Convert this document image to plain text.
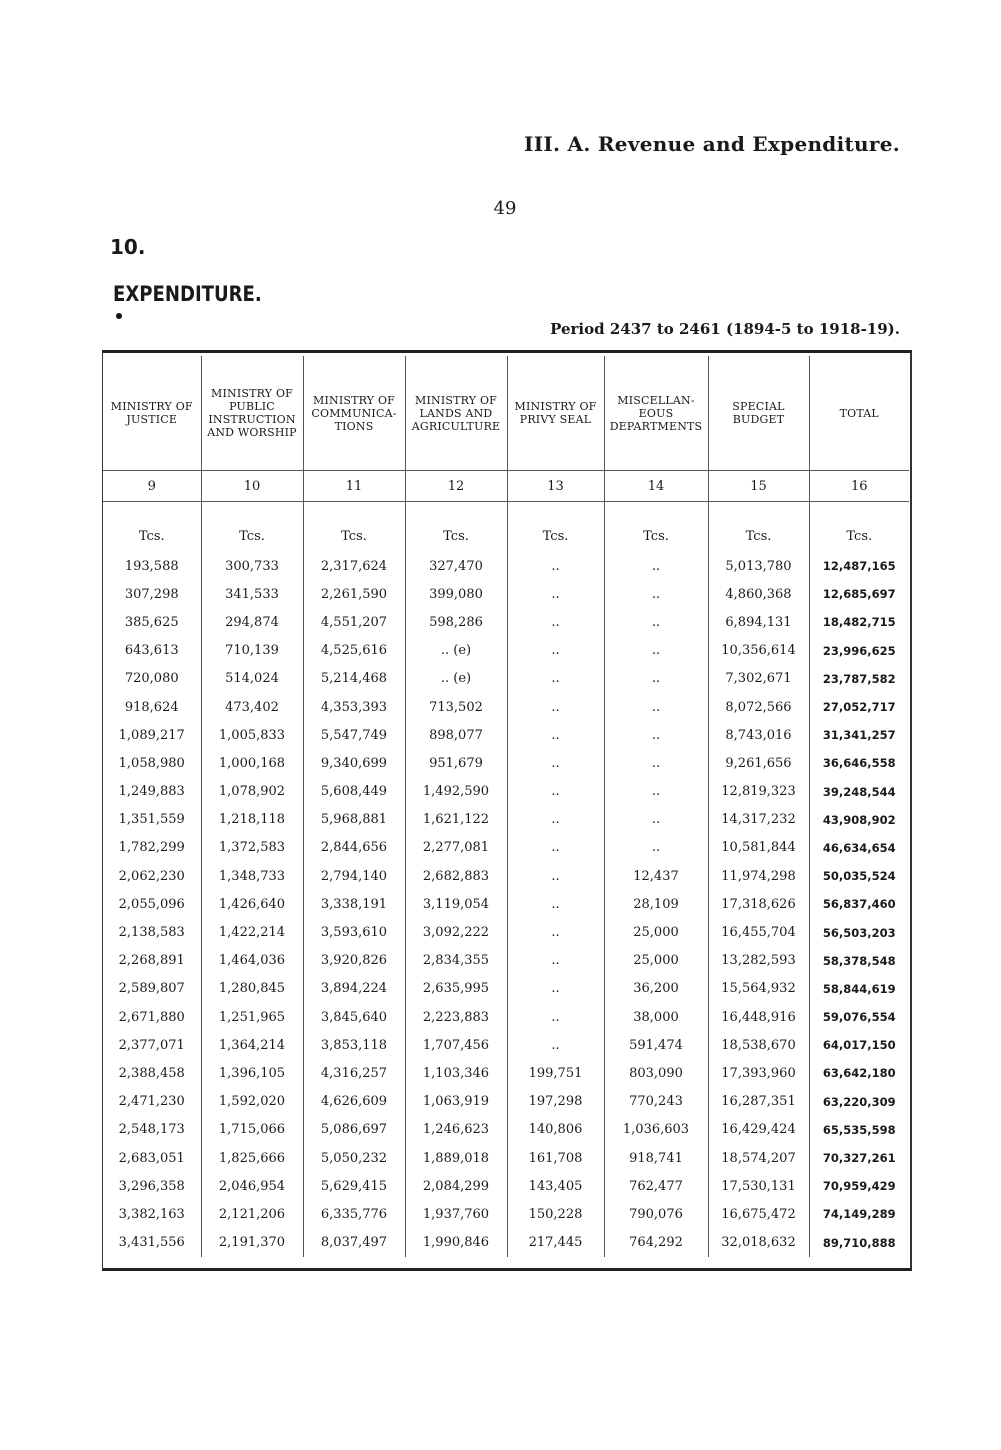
III. A. Revenue and Expenditure.
49
10.
EXPENDITURE.
Period 2437 to 2461 (1894-5 to 1918-19).
MINISTRY OF JUSTICE	MINISTRY OF PUBLIC INSTRUCTION AND WORSHIP	MINISTRY OF COMMUNICA-TIONS	MINISTRY OF LANDS AND AGRICULTURE	MINISTRY OF PRIVY SEAL	MISCELLAN-EOUS DEPARTMENTS	SPECIAL BUDGET	TOTAL
9	10	11	12	13	14	15	16
Tcs.	Tcs.	Tcs.	Tcs.	Tcs.	Tcs.	Tcs.	Tcs.
193,588	300,733	2,317,624	327,470	..	..	5,013,780	12,487,165
307,298	341,533	2,261,590	399,080	..	..	4,860,368	12,685,697
385,625	294,874	4,551,207	598,286	..	..	6,894,131	18,482,715
643,613	710,139	4,525,616	.. (e)	..	..	10,356,614	23,996,625
720,080	514,024	5,214,468	.. (e)	..	..	7,302,671	23,787,582
918,624	473,402	4,353,393	713,502	..	..	8,072,566	27,052,717
1,089,217	1,005,833	5,547,749	898,077	..	..	8,743,016	31,341,257
1,058,980	1,000,168	9,340,699	951,679	..	..	9,261,656	36,646,558
1,249,883	1,078,902	5,608,449	1,492,590	..	..	12,819,323	39,248,544
1,351,559	1,218,118	5,968,881	1,621,122	..	..	14,317,232	43,908,902
1,782,299	1,372,583	2,844,656	2,277,081	..	..	10,581,844	46,634,654
2,062,230	1,348,733	2,794,140	2,682,883	..	12,437	11,974,298	50,035,524
2,055,096	1,426,640	3,338,191	3,119,054	..	28,109	17,318,626	56,837,460
2,138,583	1,422,214	3,593,610	3,092,222	..	25,000	16,455,704	56,503,203
2,268,891	1,464,036	3,920,826	2,834,355	..	25,000	13,282,593	58,378,548
2,589,807	1,280,845	3,894,224	2,635,995	..	36,200	15,564,932	58,844,619
2,671,880	1,251,965	3,845,640	2,223,883	..	38,000	16,448,916	59,076,554
2,377,071	1,364,214	3,853,118	1,707,456	..	591,474	18,538,670	64,017,150
2,388,458	1,396,105	4,316,257	1,103,346	199,751	803,090	17,393,960	63,642,180
2,471,230	1,592,020	4,626,609	1,063,919	197,298	770,243	16,287,351	63,220,309
2,548,173	1,715,066	5,086,697	1,246,623	140,806	1,036,603	16,429,424	65,535,598
2,683,051	1,825,666	5,050,232	1,889,018	161,708	918,741	18,574,207	70,327,261
3,296,358	2,046,954	5,629,415	2,084,299	143,405	762,477	17,530,131	70,959,429
3,382,163	2,121,206	6,335,776	1,937,760	150,228	790,076	16,675,472	74,149,289
3,431,556	2,191,370	8,037,497	1,990,846	217,445	764,292	32,018,632	89,710,888
